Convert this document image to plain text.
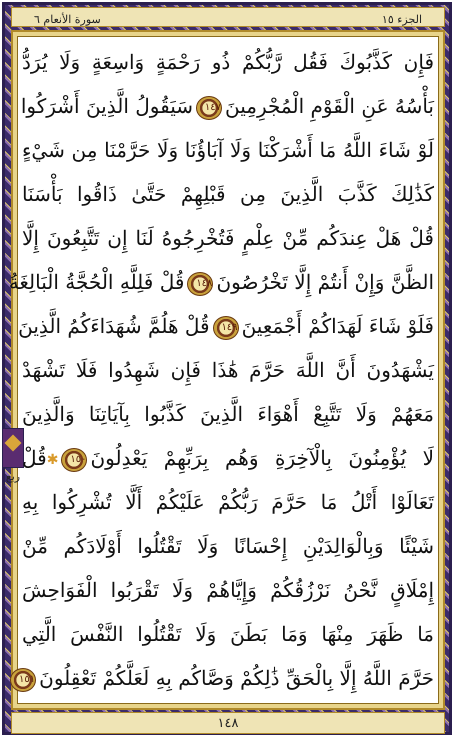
الجزء ١٥
سورة الأنعام ٦
ربع
فَإِن كَذَّبُوكَ فَقُل رَّبُّكُمْ ذُو رَحْمَةٍ وَاسِعَةٍ وَلَا يُرَدُّ
بَأْسُهُ عَنِ الْقَوْمِ الْمُجْرِمِينَ١٤٧سَيَقُولُ الَّذِينَ أَشْرَكُوا
لَوْ شَاءَ اللَّهُ مَا أَشْرَكْنَا وَلَا آبَاؤُنَا وَلَا حَرَّمْنَا مِن شَيْءٍ
كَذَٰلِكَ كَذَّبَ الَّذِينَ مِن قَبْلِهِمْ حَتَّىٰ ذَاقُوا بَأْسَنَا
قُلْ هَلْ عِندَكُم مِّنْ عِلْمٍ فَتُخْرِجُوهُ لَنَا إِن تَتَّبِعُونَ إِلَّا
الظَّنَّ وَإِنْ أَنتُمْ إِلَّا تَخْرُصُونَ١٤٨قُلْ فَلِلَّهِ الْحُجَّةُ الْبَالِغَةُ
فَلَوْ شَاءَ لَهَدَاكُمْ أَجْمَعِينَ١٤٩قُلْ هَلُمَّ شُهَدَاءَكُمُ الَّذِينَ
يَشْهَدُونَ أَنَّ اللَّهَ حَرَّمَ هَٰذَا فَإِن شَهِدُوا فَلَا تَشْهَدْ
مَعَهُمْ وَلَا تَتَّبِعْ أَهْوَاءَ الَّذِينَ كَذَّبُوا بِآيَاتِنَا وَالَّذِينَ
لَا يُؤْمِنُونَ بِالْآخِرَةِ وَهُم بِرَبِّهِمْ يَعْدِلُونَ١٥٠✱قُلْ
تَعَالَوْا أَتْلُ مَا حَرَّمَ رَبُّكُمْ عَلَيْكُمْ أَلَّا تُشْرِكُوا بِهِ
شَيْئًا وَبِالْوَالِدَيْنِ إِحْسَانًا وَلَا تَقْتُلُوا أَوْلَادَكُم مِّنْ
إِمْلَاقٍ نَّحْنُ نَرْزُقُكُمْ وَإِيَّاهُمْ وَلَا تَقْرَبُوا الْفَوَاحِشَ
مَا ظَهَرَ مِنْهَا وَمَا بَطَنَ وَلَا تَقْتُلُوا النَّفْسَ الَّتِي
حَرَّمَ اللَّهُ إِلَّا بِالْحَقِّ ذَٰلِكُمْ وَصَّاكُم بِهِ لَعَلَّكُمْ تَعْقِلُونَ١٥١
١٤٨
